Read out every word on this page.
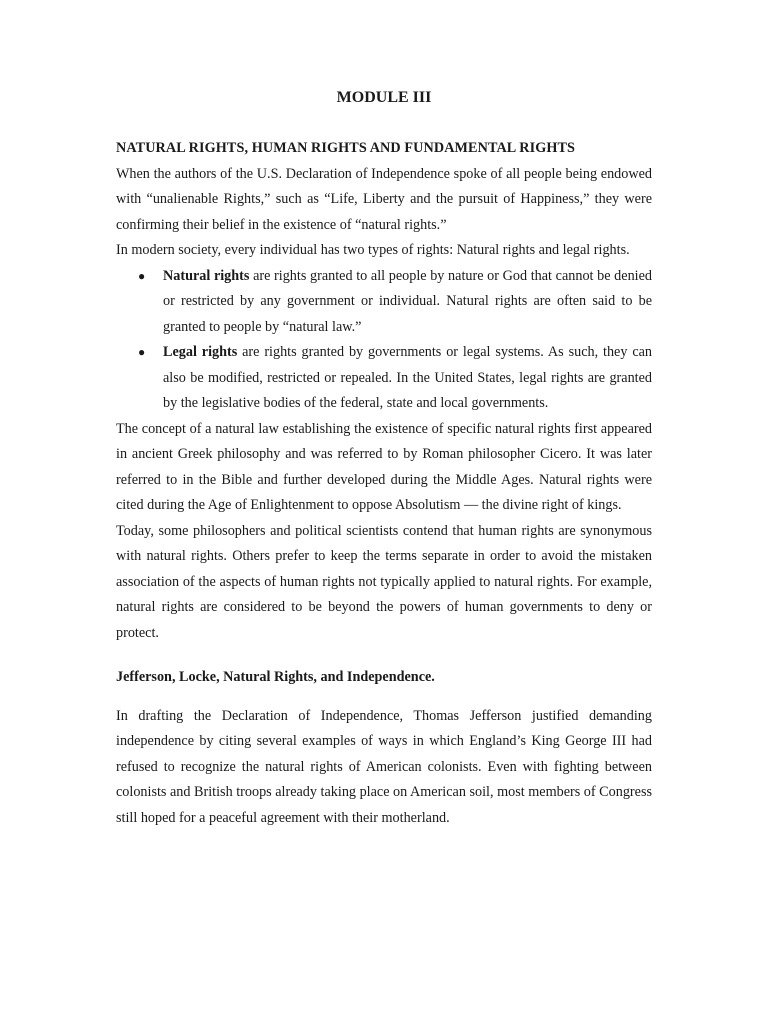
MODULE III
NATURAL RIGHTS, HUMAN RIGHTS AND FUNDAMENTAL RIGHTS

When the authors of the U.S. Declaration of Independence spoke of all people being endowed with “unalienable Rights,” such as “Life, Liberty and the pursuit of Happiness,” they were confirming their belief in the existence of “natural rights.”

In modern society, every individual has two types of rights: Natural rights and legal rights.

● Natural rights are rights granted to all people by nature or God that cannot be denied or restricted by any government or individual. Natural rights are often said to be granted to people by “natural law.”
● Legal rights are rights granted by governments or legal systems. As such, they can also be modified, restricted or repealed. In the United States, legal rights are granted by the legislative bodies of the federal, state and local governments.

The concept of a natural law establishing the existence of specific natural rights first appeared in ancient Greek philosophy and was referred to by Roman philosopher Cicero. It was later referred to in the Bible and further developed during the Middle Ages. Natural rights were cited during the Age of Enlightenment to oppose Absolutism — the divine right of kings.

Today, some philosophers and political scientists contend that human rights are synonymous with natural rights. Others prefer to keep the terms separate in order to avoid the mistaken association of the aspects of human rights not typically applied to natural rights. For example, natural rights are considered to be beyond the powers of human governments to deny or protect.

Jefferson, Locke, Natural Rights, and Independence.

In drafting the Declaration of Independence, Thomas Jefferson justified demanding independence by citing several examples of ways in which England’s King George III had refused to recognize the natural rights of American colonists. Even with fighting between colonists and British troops already taking place on American soil, most members of Congress still hoped for a peaceful agreement with their motherland.
